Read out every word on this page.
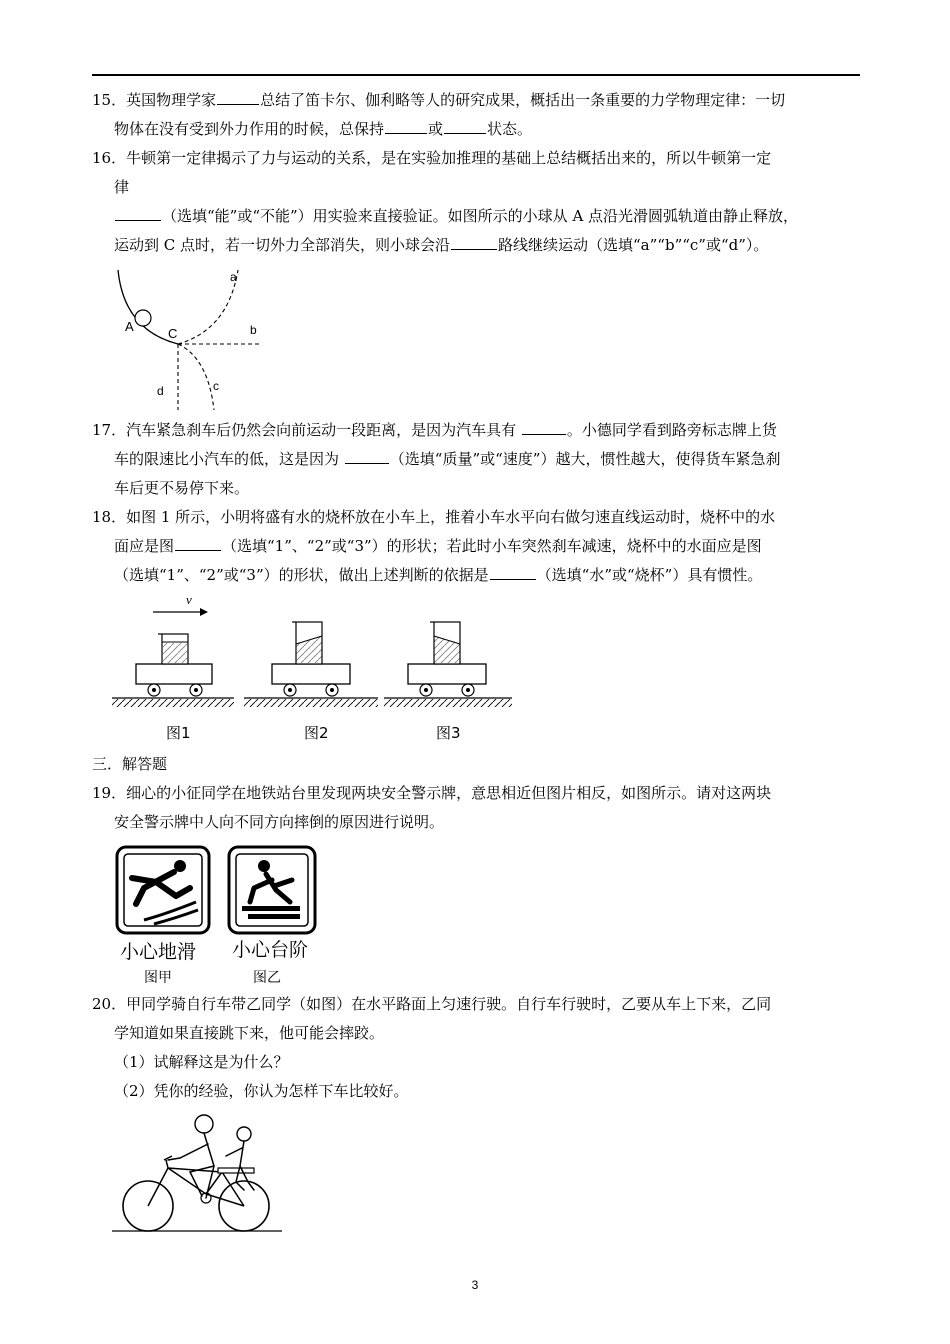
15．英国物理学家	总结了笛卡尔、伽利略等人的研究成果，概括出一条重要的力学物理定律：一切

物体在没有受到外力作用的时候，总保持	或	状态。

16．牛顿第一定律揭示了力与运动的关系，是在实验加推理的基础上总结概括出来的，所以牛顿第一定

律

（选填“能”或“不能”）用实验来直接验证。如图所示的小球从 A 点沿光滑圆弧轨道由静止释放，

运动到 C 点时，若一切外力全部消失，则小球会沿	路线继续运动（选填“a”“b”“c”或“d”）。

A	C
a
b
c
d

17．汽车紧急刹车后仍然会向前运动一段距离，是因为汽车具有	。小德同学看到路旁标志牌上货

车的限速比小汽车的低，这是因为	（选填“质量”或“速度”）越大，惯性越大，使得货车紧急刹

车后更不易停下来。

18．如图 1 所示，小明将盛有水的烧杯放在小车上，推着小车水平向右做匀速直线运动时，烧杯中的水

面应是图	（选填“1”、“2”或“3”）的形状；若此时小车突然刹车减速，烧杯中的水面应是图

（选填“1”、“2”或“3”）的形状，做出上述判断的依据是	（选填“水”或“烧杯”）具有惯性。

v
图1	图2	图3
三．解答题

19．细心的小征同学在地铁站台里发现两块安全警示牌，意思相近但图片相反，如图所示。请对这两块

安全警示牌中人向不同方向摔倒的原因进行说明。

小心地滑 小心台阶
图甲	图乙

20．甲同学骑自行车带乙同学（如图）在水平路面上匀速行驶。自行车行驶时，乙要从车上下来，乙同

学知道如果直接跳下来，他可能会摔跤。

（1）试解释这是为什么？

（2）凭你的经验，你认为怎样下车比较好。

3
